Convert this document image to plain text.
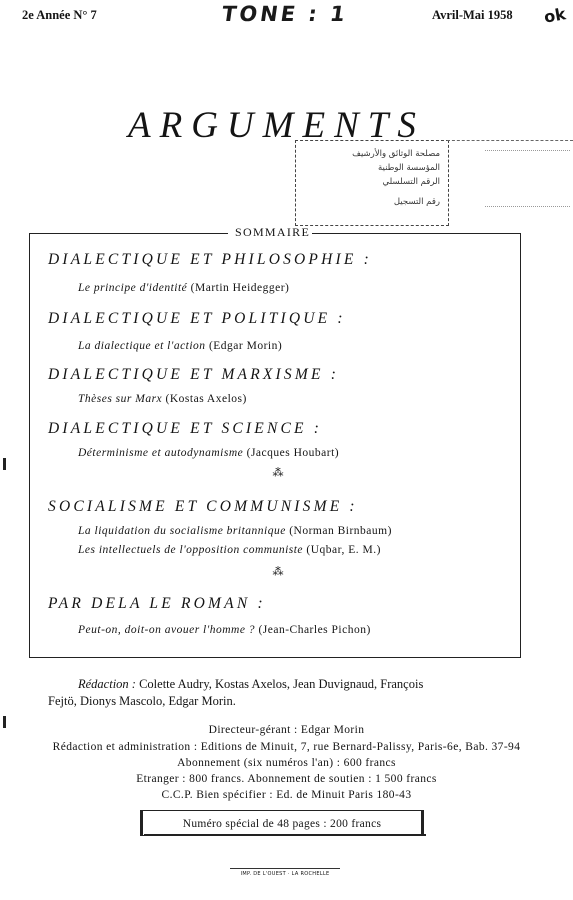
2e Année N° 7	TONE : 1	Avril-Mai 1958 ok
ARGUMENTS
مصلحة الوثائق والأرشيف
المؤسسة الوطنية
الرقم التسلسلي
رقم التسجيل
SOMMAIRE
DIALECTIQUE ET PHILOSOPHIE :
Le principe d'identité (Martin Heidegger)
DIALECTIQUE ET POLITIQUE :
La dialectique et l'action (Edgar Morin)
DIALECTIQUE ET MARXISME :
Thèses sur Marx (Kostas Axelos)
DIALECTIQUE ET SCIENCE :
Déterminisme et autodynamisme (Jacques Houbart)
⁂
SOCIALISME ET COMMUNISME :
La liquidation du socialisme britannique (Norman Birnbaum)
Les intellectuels de l'opposition communiste (Uqbar, E. M.)
⁂
PAR DELA LE ROMAN :
Peut-on, doit-on avouer l'homme ? (Jean-Charles Pichon)
Rédaction : Colette Audry, Kostas Axelos, Jean Duvignaud, François
Fejtö, Dionys Mascolo, Edgar Morin.
Directeur-gérant : Edgar Morin
Rédaction et administration : Editions de Minuit, 7, rue Bernard-Palissy, Paris-6e, Bab. 37-94
Abonnement (six numéros l'an) : 600 francs
Etranger : 800 francs. Abonnement de soutien : 1 500 francs
C.C.P. Bien spécifier : Ed. de Minuit Paris 180-43
Numéro spécial de 48 pages : 200 francs
IMP. DE L'OUEST · LA ROCHELLE
